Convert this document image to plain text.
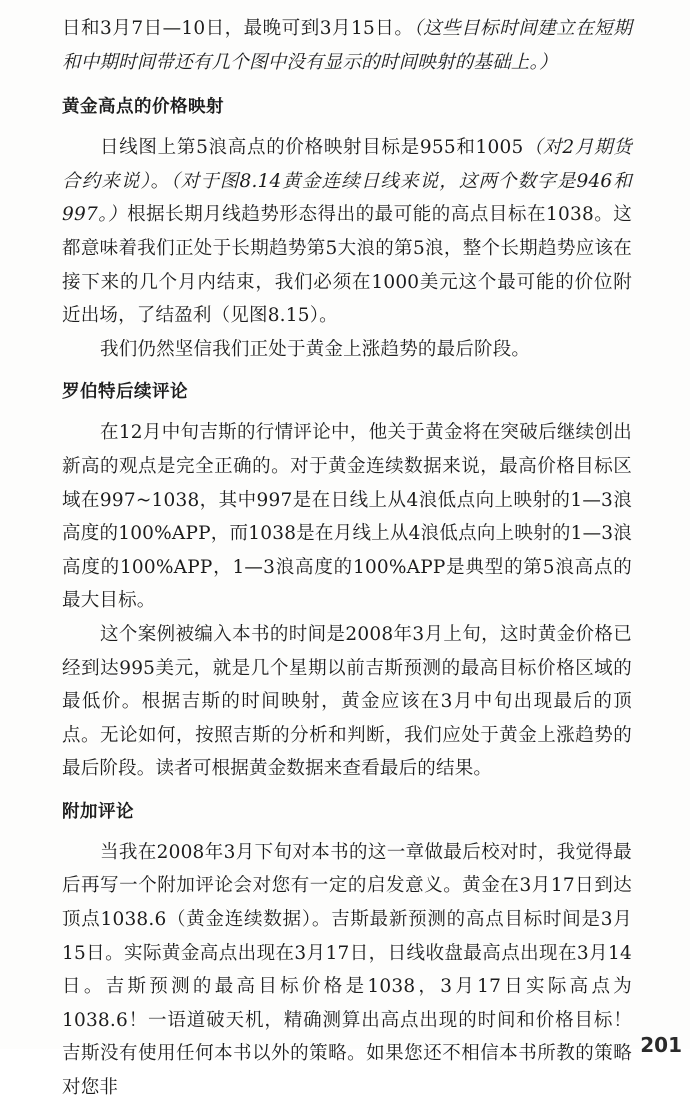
日和3月7日—10日，最晚可到3月15日。（这些目标时间建立在短期和中期时间带还有几个图中没有显示的时间映射的基础上。）

黄金高点的价格映射

日线图上第5浪高点的价格映射目标是955和1005（对2月期货合约来说）。（对于图8.14黄金连续日线来说，这两个数字是946和997。）根据长期月线趋势形态得出的最可能的高点目标在1038。这都意味着我们正处于长期趋势第5大浪的第5浪，整个长期趋势应该在接下来的几个月内结束，我们必须在1000美元这个最可能的价位附近出场，了结盈利（见图8.15）。

我们仍然坚信我们正处于黄金上涨趋势的最后阶段。

罗伯特后续评论

在12月中旬吉斯的行情评论中，他关于黄金将在突破后继续创出新高的观点是完全正确的。对于黄金连续数据来说，最高价格目标区域在997~1038，其中997是在日线上从4浪低点向上映射的1—3浪高度的100%APP，而1038是在月线上从4浪低点向上映射的1—3浪高度的100%APP，1—3浪高度的100%APP是典型的第5浪高点的最大目标。

这个案例被编入本书的时间是2008年3月上旬，这时黄金价格已经到达995美元，就是几个星期以前吉斯预测的最高目标价格区域的最低价。根据吉斯的时间映射，黄金应该在3月中旬出现最后的顶点。无论如何，按照吉斯的分析和判断，我们应处于黄金上涨趋势的最后阶段。读者可根据黄金数据来查看最后的结果。

附加评论

当我在2008年3月下旬对本书的这一章做最后校对时，我觉得最后再写一个附加评论会对您有一定的启发意义。黄金在3月17日到达顶点1038.6（黄金连续数据）。吉斯最新预测的高点目标时间是3月15日。实际黄金高点出现在3月17日，日线收盘最高点出现在3月14日。吉斯预测的最高目标价格是1038，3月17日实际高点为1038.6！一语道破天机，精确测算出高点出现的时间和价格目标！吉斯没有使用任何本书以外的策略。如果您还不相信本书所教的策略对您非

201
